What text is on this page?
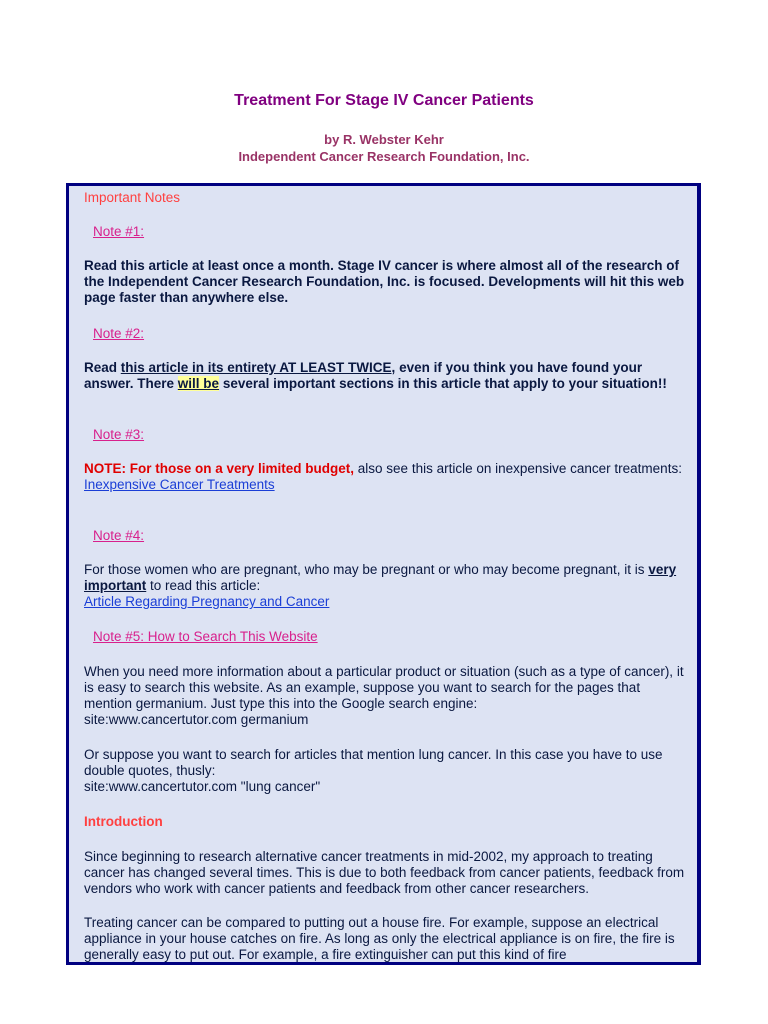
Treatment For Stage IV Cancer Patients
by R. Webster Kehr
Independent Cancer Research Foundation, Inc.
Important Notes
Note #1:

Read this article at least once a month. Stage IV cancer is where almost all of the research of the Independent Cancer Research Foundation, Inc. is focused. Developments will hit this web page faster than anywhere else.

Note #2:

Read this article in its entirety AT LEAST TWICE, even if you think you have found your answer. There will be several important sections in this article that apply to your situation!!

Note #3:

NOTE: For those on a very limited budget, also see this article on inexpensive cancer treatments:
Inexpensive Cancer Treatments

Note #4:

For those women who are pregnant, who may be pregnant or who may become pregnant, it is very important to read this article:
Article Regarding Pregnancy and Cancer

Note #5: How to Search This Website

When you need more information about a particular product or situation (such as a type of cancer), it is easy to search this website. As an example, suppose you want to search for the pages that mention germanium. Just type this into the Google search engine:
site:www.cancertutor.com germanium

Or suppose you want to search for articles that mention lung cancer. In this case you have to use double quotes, thusly:
site:www.cancertutor.com "lung cancer"

Introduction

Since beginning to research alternative cancer treatments in mid-2002, my approach to treating cancer has changed several times. This is due to both feedback from cancer patients, feedback from vendors who work with cancer patients and feedback from other cancer researchers.

Treating cancer can be compared to putting out a house fire. For example, suppose an electrical appliance in your house catches on fire. As long as only the electrical appliance is on fire, the fire is generally easy to put out. For example, a fire extinguisher can put this kind of fire
